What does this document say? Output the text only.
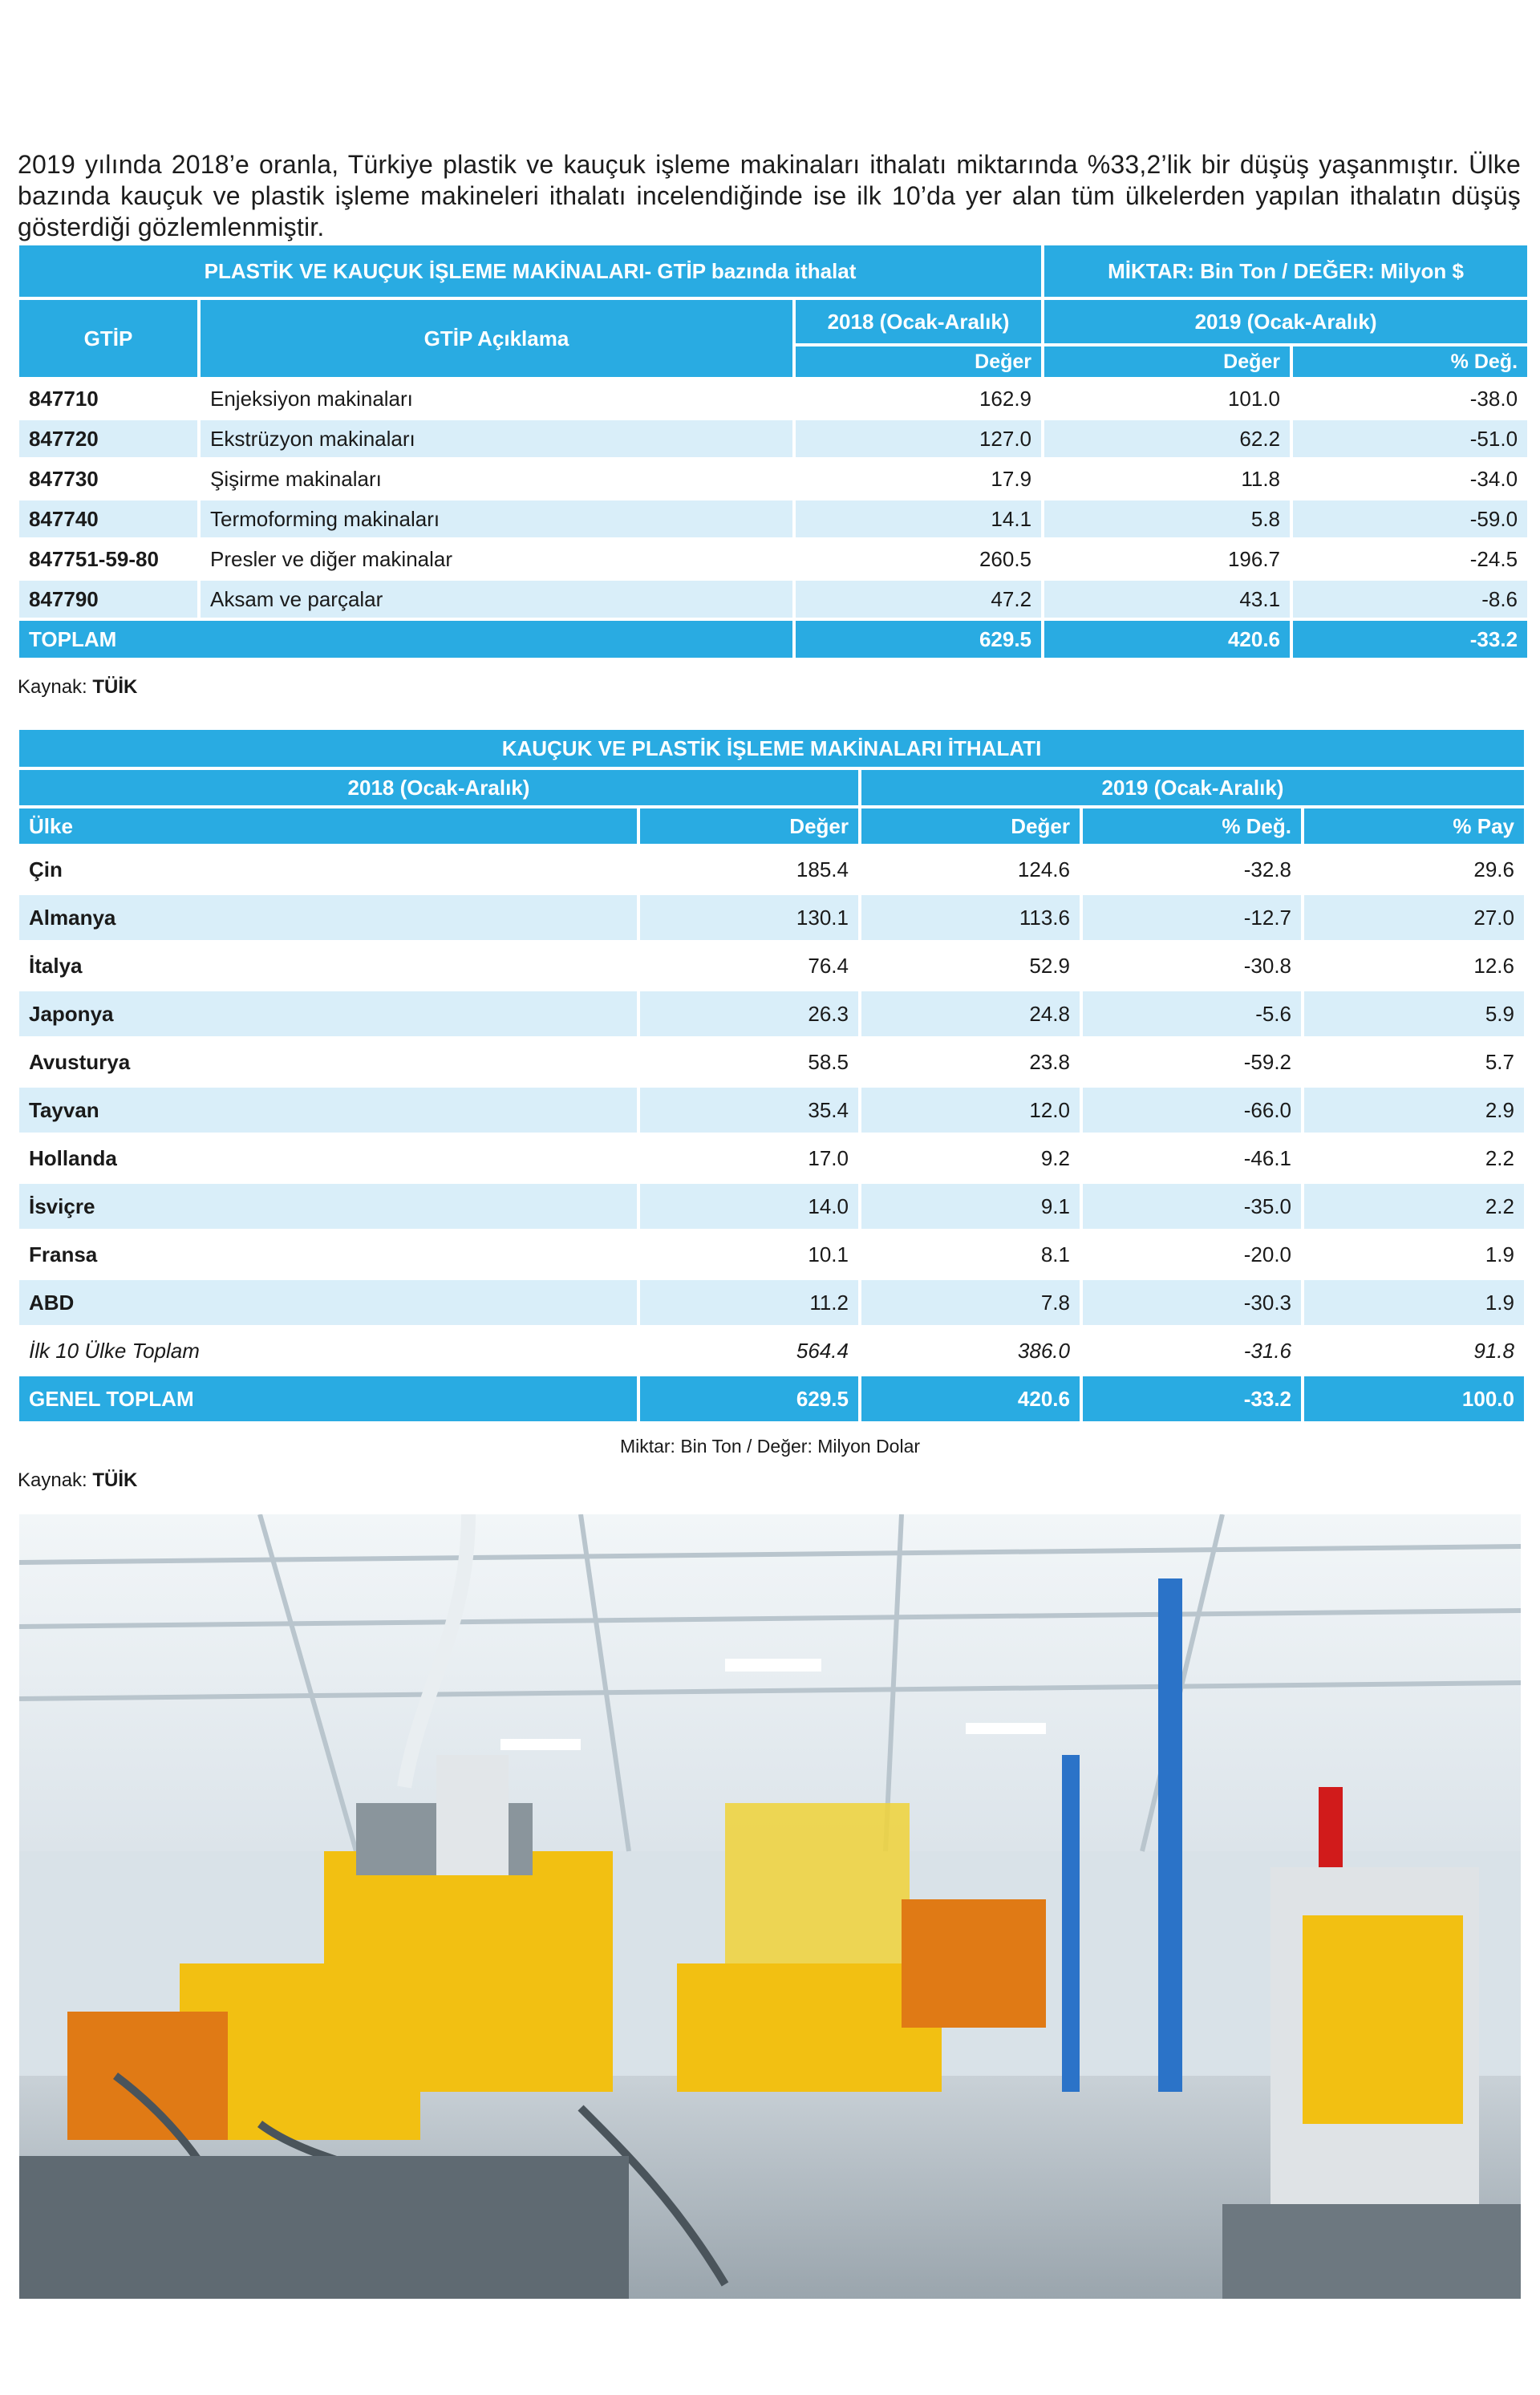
2019 yılında 2018’e oranla, Türkiye plastik ve kauçuk işleme makinaları ithalatı miktarında %33,2’lik bir düşüş yaşanmıştır. Ülke bazında kauçuk ve plastik işleme makineleri ithalatı incelendiğinde ise ilk 10’da yer alan tüm ülkelerden yapılan ithalatın düşüş gösterdiği gözlemlenmiştir.

PLASTİK VE KAUÇUK İŞLEME MAKİNALARI- GTİP bazında ithalat			MİKTAR: Bin Ton / DEĞER: Milyon $	
GTİP	GTİP Açıklama	2018 (Ocak-Aralık)	2019 (Ocak-Aralık)	
		Değer	Değer	% Değ.
847710	Enjeksiyon makinaları	162.9	101.0	-38.0
847720	Ekstrüzyon makinaları	127.0	62.2	-51.0
847730	Şişirme makinaları	17.9	11.8	-34.0
847740	Termoforming makinaları	14.1	5.8	-59.0
847751-59-80	Presler ve diğer makinalar	260.5	196.7	-24.5
847790	Aksam ve parçalar	47.2	43.1	-8.6
TOPLAM		629.5	420.6	-33.2
Kaynak: TÜİK
KAUÇUK VE PLASTİK İŞLEME MAKİNALARI İTHALATI				
2018 (Ocak-Aralık)		2019 (Ocak-Aralık)		
Ülke	Değer	Değer	% Değ.	% Pay
Çin	185.4	124.6	-32.8	29.6
Almanya	130.1	113.6	-12.7	27.0
İtalya	76.4	52.9	-30.8	12.6
Japonya	26.3	24.8	-5.6	5.9
Avusturya	58.5	23.8	-59.2	5.7
Tayvan	35.4	12.0	-66.0	2.9
Hollanda	17.0	9.2	-46.1	2.2
İsviçre	14.0	9.1	-35.0	2.2
Fransa	10.1	8.1	-20.0	1.9
ABD	11.2	7.8	-30.3	1.9
İlk 10 Ülke Toplam	564.4	386.0	-31.6	91.8
GENEL TOPLAM	629.5	420.6	-33.2	100.0
Miktar: Bin Ton / Değer: Milyon Dolar
Kaynak: TÜİK
